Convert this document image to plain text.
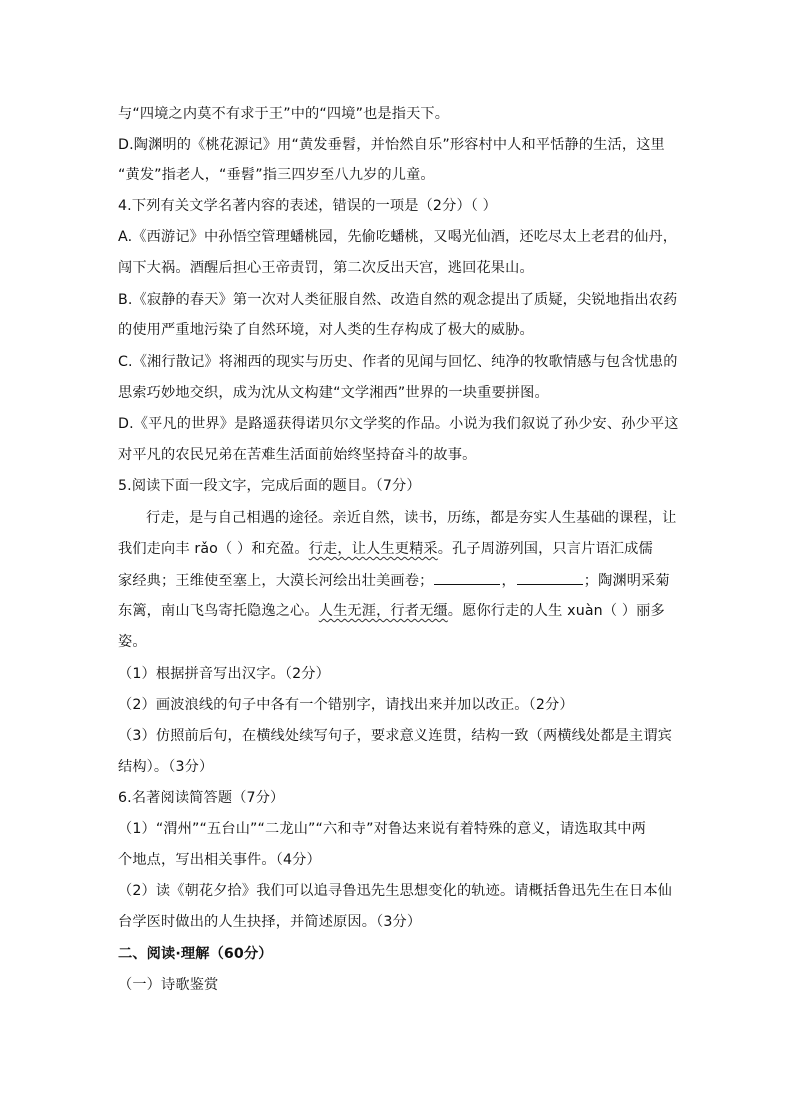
与“四境之内莫不有求于王”中的“四境”也是指天下。
D.陶渊明的《桃花源记》用“黄发垂髫，并怡然自乐”形容村中人和平恬静的生活，这里
“黄发”指老人，“垂髫”指三四岁至八九岁的儿童。
4.下列有关文学名著内容的表述，错误的一项是（2分）（ ）
A.《西游记》中孙悟空管理蟠桃园，先偷吃蟠桃，又喝光仙酒，还吃尽太上老君的仙丹，
闯下大祸。酒醒后担心王帝责罚，第二次反出天宫，逃回花果山。
B.《寂静的春天》第一次对人类征服自然、改造自然的观念提出了质疑，尖锐地指出农药
的使用严重地污染了自然环境，对人类的生存构成了极大的威胁。
C.《湘行散记》将湘西的现实与历史、作者的见闻与回忆、纯净的牧歌情感与包含忧患的
思索巧妙地交织，成为沈从文构建“文学湘西”世界的一块重要拼图。
D.《平凡的世界》是路遥获得诺贝尔文学奖的作品。小说为我们叙说了孙少安、孙少平这
对平凡的农民兄弟在苦难生活面前始终坚持奋斗的故事。
5.阅读下面一段文字，完成后面的题目。（7分）
行走，是与自己相遇的途径。亲近自然，读书，历练，都是夯实人生基础的课程，让
我们走向丰 rǎo（ ）和充盈。行走，让人生更精采。孔子周游列国，只言片语汇成儒
家经典；王维使至塞上，大漠长河绘出壮美画卷；	，	；陶渊明采菊
东篱，南山飞鸟寄托隐逸之心。人生无涯，行者无缰。愿你行走的人生 xuàn（ ）丽多
姿。
（1）根据拼音写出汉字。（2分）
（2）画波浪线的句子中各有一个错别字，请找出来并加以改正。（2分）
（3）仿照前后句，在横线处续写句子，要求意义连贯，结构一致（两横线处都是主谓宾
结构）。（3分）
6.名著阅读简答题（7分）
（1）“渭州”“五台山”“二龙山”“六和寺”对鲁达来说有着特殊的意义，请选取其中两
个地点，写出相关事件。（4分）
（2）读《朝花夕拾》我们可以追寻鲁迅先生思想变化的轨迹。请概括鲁迅先生在日本仙
台学医时做出的人生抉择，并简述原因。（3分）
二、阅读·理解（60分）
（一）诗歌鉴赏
